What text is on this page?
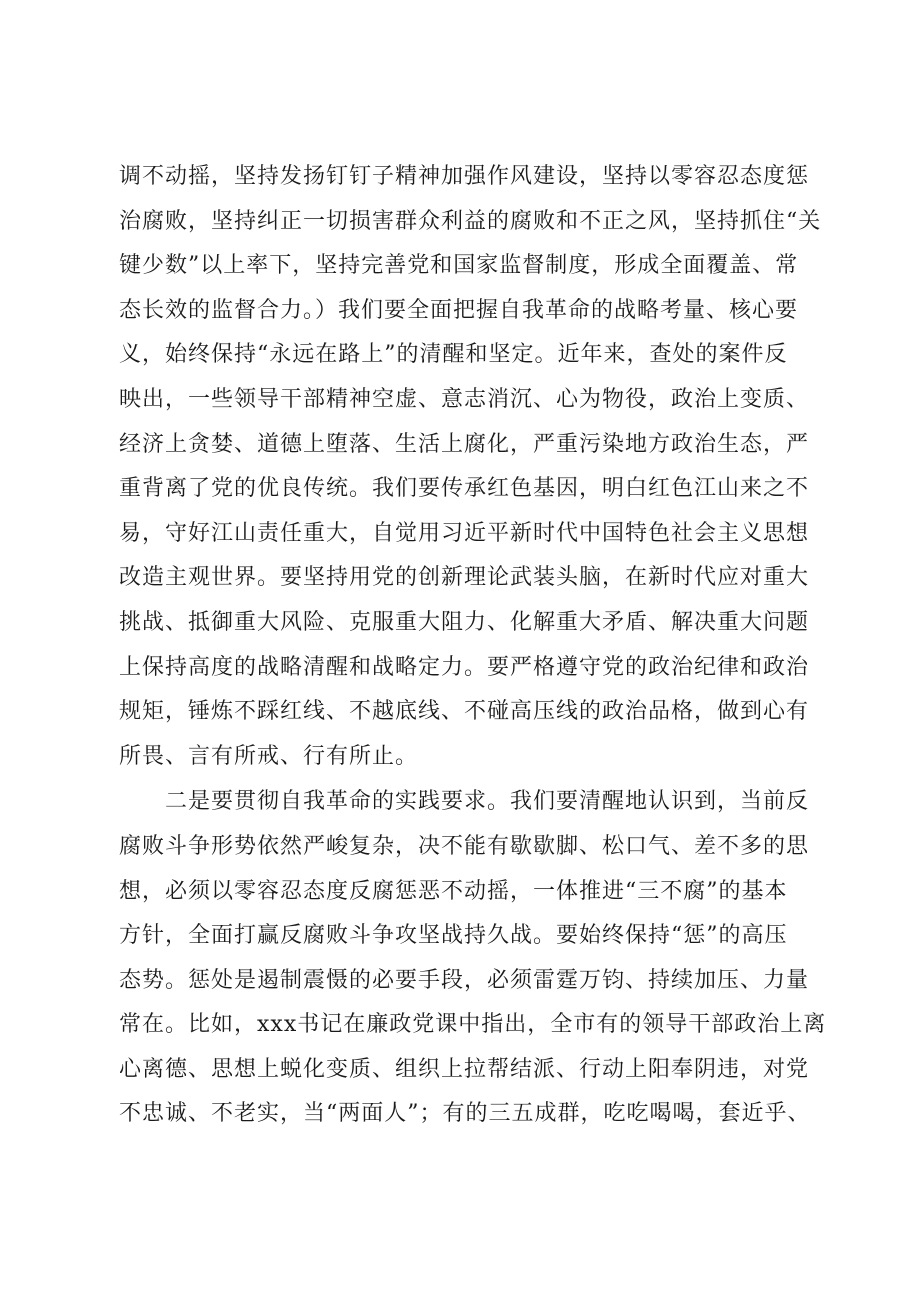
调不动摇，坚持发扬钉钉子精神加强作风建设，坚持以零容忍态度惩
治腐败，坚持纠正一切损害群众利益的腐败和不正之风，坚持抓住“关
键少数”以上率下，坚持完善党和国家监督制度，形成全面覆盖、常
态长效的监督合力。）我们要全面把握自我革命的战略考量、核心要
义，始终保持“永远在路上”的清醒和坚定。近年来，查处的案件反
映出，一些领导干部精神空虚、意志消沉、心为物役，政治上变质、
经济上贪婪、道德上堕落、生活上腐化，严重污染地方政治生态，严
重背离了党的优良传统。我们要传承红色基因，明白红色江山来之不
易，守好江山责任重大，自觉用习近平新时代中国特色社会主义思想
改造主观世界。要坚持用党的创新理论武装头脑，在新时代应对重大
挑战、抵御重大风险、克服重大阻力、化解重大矛盾、解决重大问题
上保持高度的战略清醒和战略定力。要严格遵守党的政治纪律和政治
规矩，锤炼不踩红线、不越底线、不碰高压线的政治品格，做到心有
所畏、言有所戒、行有所止。
　　二是要贯彻自我革命的实践要求。我们要清醒地认识到，当前反
腐败斗争形势依然严峻复杂，决不能有歇歇脚、松口气、差不多的思
想，必须以零容忍态度反腐惩恶不动摇，一体推进“三不腐”的基本
方针，全面打赢反腐败斗争攻坚战持久战。要始终保持“惩”的高压
态势。惩处是遏制震慑的必要手段，必须雷霆万钧、持续加压、力量
常在。比如，xxx书记在廉政党课中指出，全市有的领导干部政治上离
心离德、思想上蜕化变质、组织上拉帮结派、行动上阳奉阴违，对党
不忠诚、不老实，当“两面人”；有的三五成群，吃吃喝喝，套近乎、
